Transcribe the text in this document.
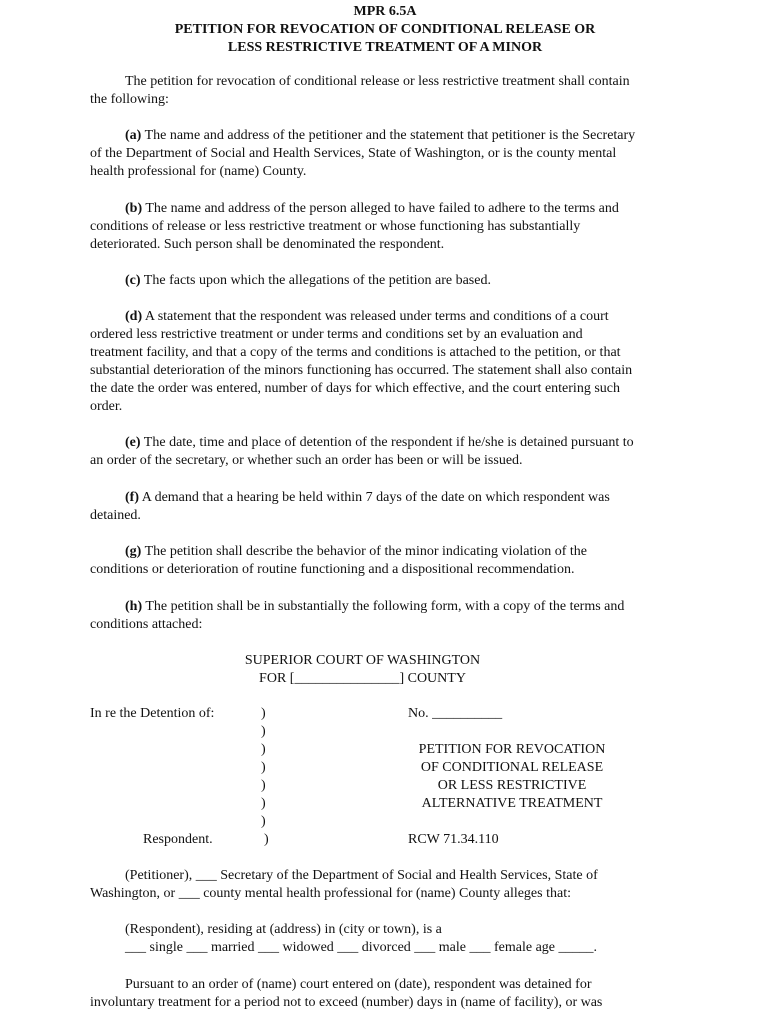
MPR 6.5A
PETITION FOR REVOCATION OF CONDITIONAL RELEASE OR
LESS RESTRICTIVE TREATMENT OF A MINOR
The petition for revocation of conditional release or less restrictive treatment shall contain
the following:
(a) The name and address of the petitioner and the statement that petitioner is the Secretary
of the Department of Social and Health Services, State of Washington, or is the county mental
health professional for (name) County.
(b) The name and address of the person alleged to have failed to adhere to the terms and
conditions of release or less restrictive treatment or whose functioning has substantially
deteriorated. Such person shall be denominated the respondent.
(c) The facts upon which the allegations of the petition are based.
(d) A statement that the respondent was released under terms and conditions of a court
ordered less restrictive treatment or under terms and conditions set by an evaluation and
treatment facility, and that a copy of the terms and conditions is attached to the petition, or that
substantial deterioration of the minors functioning has occurred. The statement shall also contain
the date the order was entered, number of days for which effective, and the court entering such
order.
(e) The date, time and place of detention of the respondent if he/she is detained pursuant to
an order of the secretary, or whether such an order has been or will be issued.
(f) A demand that a hearing be held within 7 days of the date on which respondent was
detained.
(g) The petition shall describe the behavior of the minor indicating violation of the
conditions or deterioration of routine functioning and a dispositional recommendation.
(h) The petition shall be in substantially the following form, with a copy of the terms and
conditions attached:
SUPERIOR COURT OF WASHINGTON
FOR [_______________] COUNTY
In re the Detention of:	)
)
)
)
)
)
)
)
No. __________
PETITION FOR REVOCATION
OF CONDITIONAL RELEASE
OR LESS RESTRICTIVE
ALTERNATIVE TREATMENT
Respondent.	RCW 71.34.110
(Petitioner), ___ Secretary of the Department of Social and Health Services, State of
Washington, or ___ county mental health professional for (name) County alleges that:
(Respondent), residing at (address) in (city or town), is a
___ single ___ married ___ widowed ___ divorced ___ male ___ female age _____.
Pursuant to an order of (name) court entered on (date), respondent was detained for
involuntary treatment for a period not to exceed (number) days in (name of facility), or was
